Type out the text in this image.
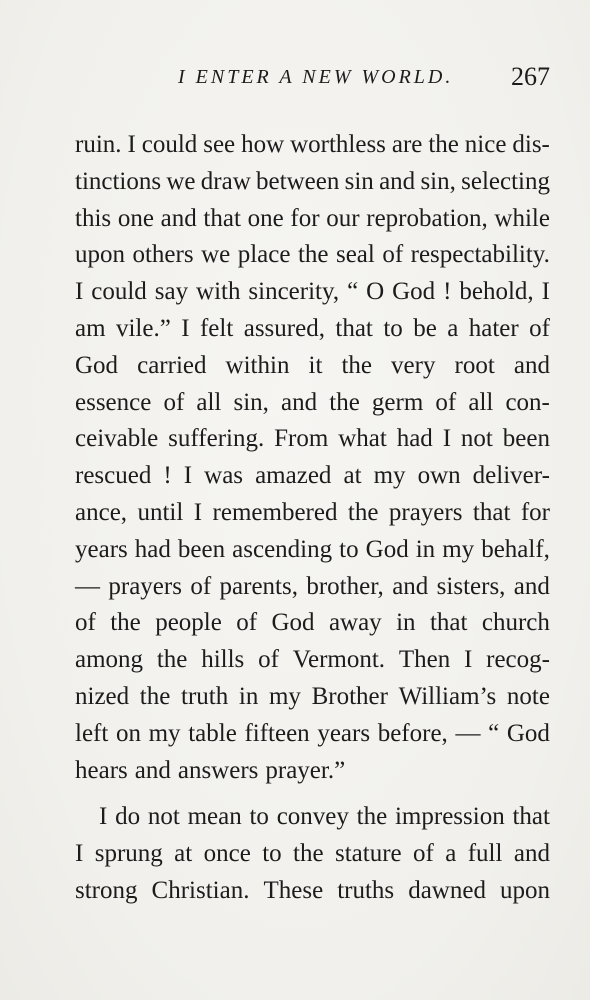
I ENTER A NEW WORLD. 267
ruin. I could see how worthless are the nice dis-
tinctions we draw between sin and sin, selecting
this one and that one for our reprobation, while
upon others we place the seal of respectability.
I could say with sincerity, “ O God ! behold, I
am vile.” I felt assured, that to be a hater of
God carried within it the very root and
essence of all sin, and the germ of all con-
ceivable suffering. From what had I not been
rescued ! I was amazed at my own deliver-
ance, until I remembered the prayers that for
years had been ascending to God in my behalf,
— prayers of parents, brother, and sisters, and
of the people of God away in that church
among the hills of Vermont. Then I recog-
nized the truth in my Brother William’s note
left on my table fifteen years before, — “ God
hears and answers prayer.”
I do not mean to convey the impression that
I sprung at once to the stature of a full and
strong Christian. These truths dawned upon
